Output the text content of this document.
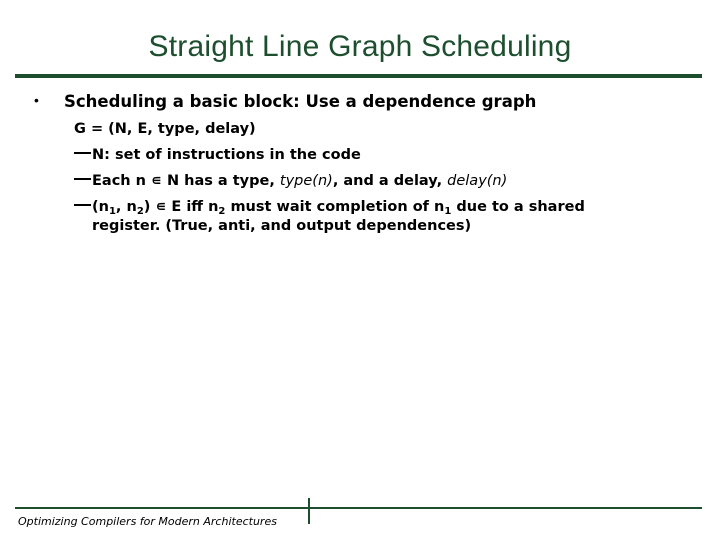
Straight Line Graph Scheduling
• Scheduling a basic block: Use a dependence graph
G = (N, E, type, delay)
N: set of instructions in the code
Each n ∊ N has a type, type(n), and a delay, delay(n)
($n_1$, $n_2$) ∊ E iff $n_2$ must wait completion of $n_1$ due to a shared
register. (True, anti, and output dependences)
Optimizing Compilers for Modern Architectures
